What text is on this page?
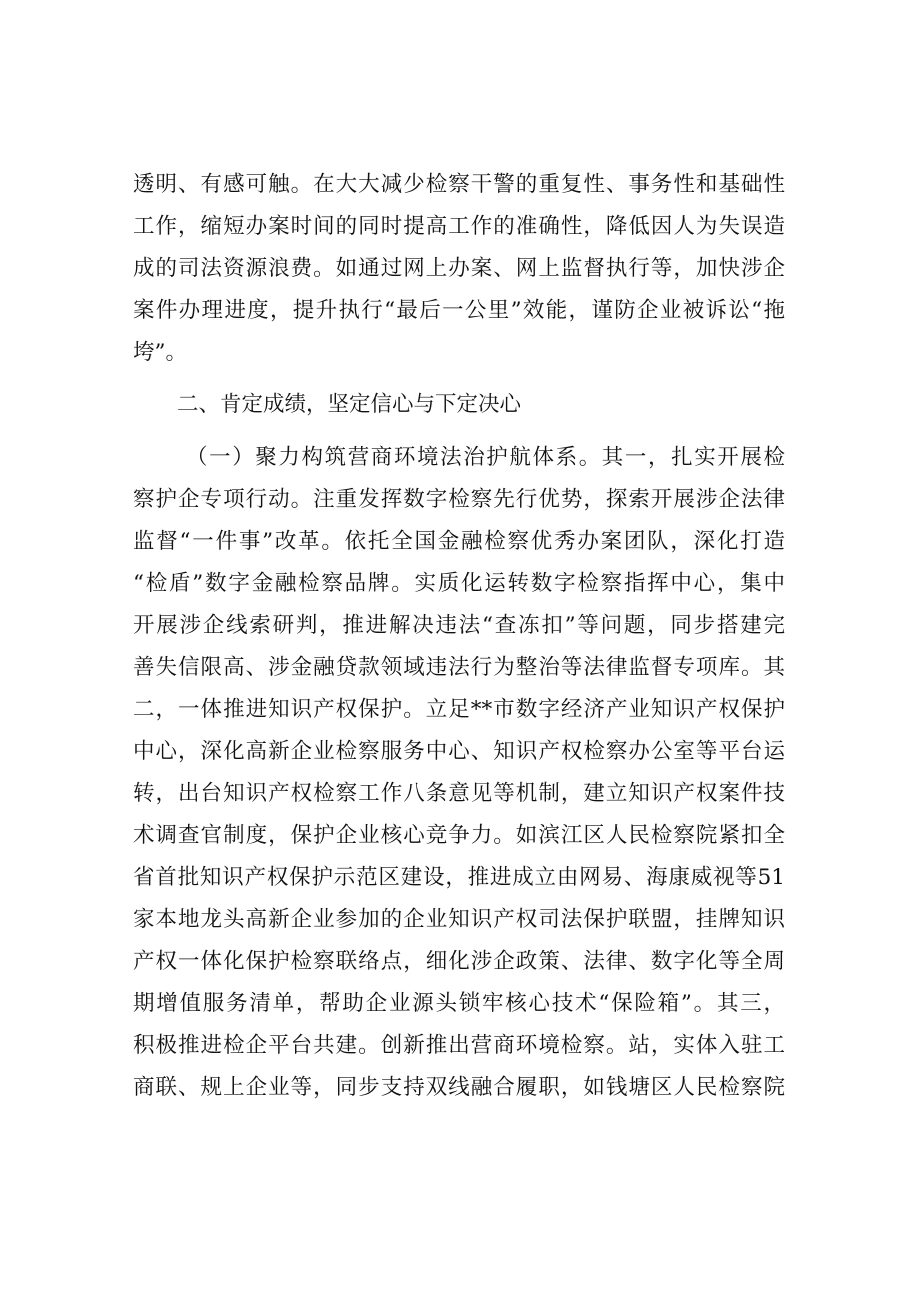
透明、有感可触。在大大减少检察干警的重复性、事务性和基础性
工作，缩短办案时间的同时提高工作的准确性，降低因人为失误造
成的司法资源浪费。如通过网上办案、网上监督执行等，加快涉企
案件办理进度，提升执行“最后一公里”效能，谨防企业被诉讼“拖
垮”。
二、肯定成绩，坚定信心与下定决心
（一）聚力构筑营商环境法治护航体系。其一，扎实开展检
察护企专项行动。注重发挥数字检察先行优势，探索开展涉企法律
监督“一件事”改革。依托全国金融检察优秀办案团队，深化打造
“检盾”数字金融检察品牌。实质化运转数字检察指挥中心，集中
开展涉企线索研判，推进解决违法“查冻扣”等问题，同步搭建完
善失信限高、涉金融贷款领域违法行为整治等法律监督专项库。其
二，一体推进知识产权保护。立足**市数字经济产业知识产权保护
中心，深化高新企业检察服务中心、知识产权检察办公室等平台运
转，出台知识产权检察工作八条意见等机制，建立知识产权案件技
术调查官制度，保护企业核心竞争力。如滨江区人民检察院紧扣全
省首批知识产权保护示范区建设，推进成立由网易、海康威视等51
家本地龙头高新企业参加的企业知识产权司法保护联盟，挂牌知识
产权一体化保护检察联络点，细化涉企政策、法律、数字化等全周
期增值服务清单，帮助企业源头锁牢核心技术“保险箱”。其三，
积极推进检企平台共建。创新推出营商环境检察。站，实体入驻工
商联、规上企业等，同步支持双线融合履职，如钱塘区人民检察院
